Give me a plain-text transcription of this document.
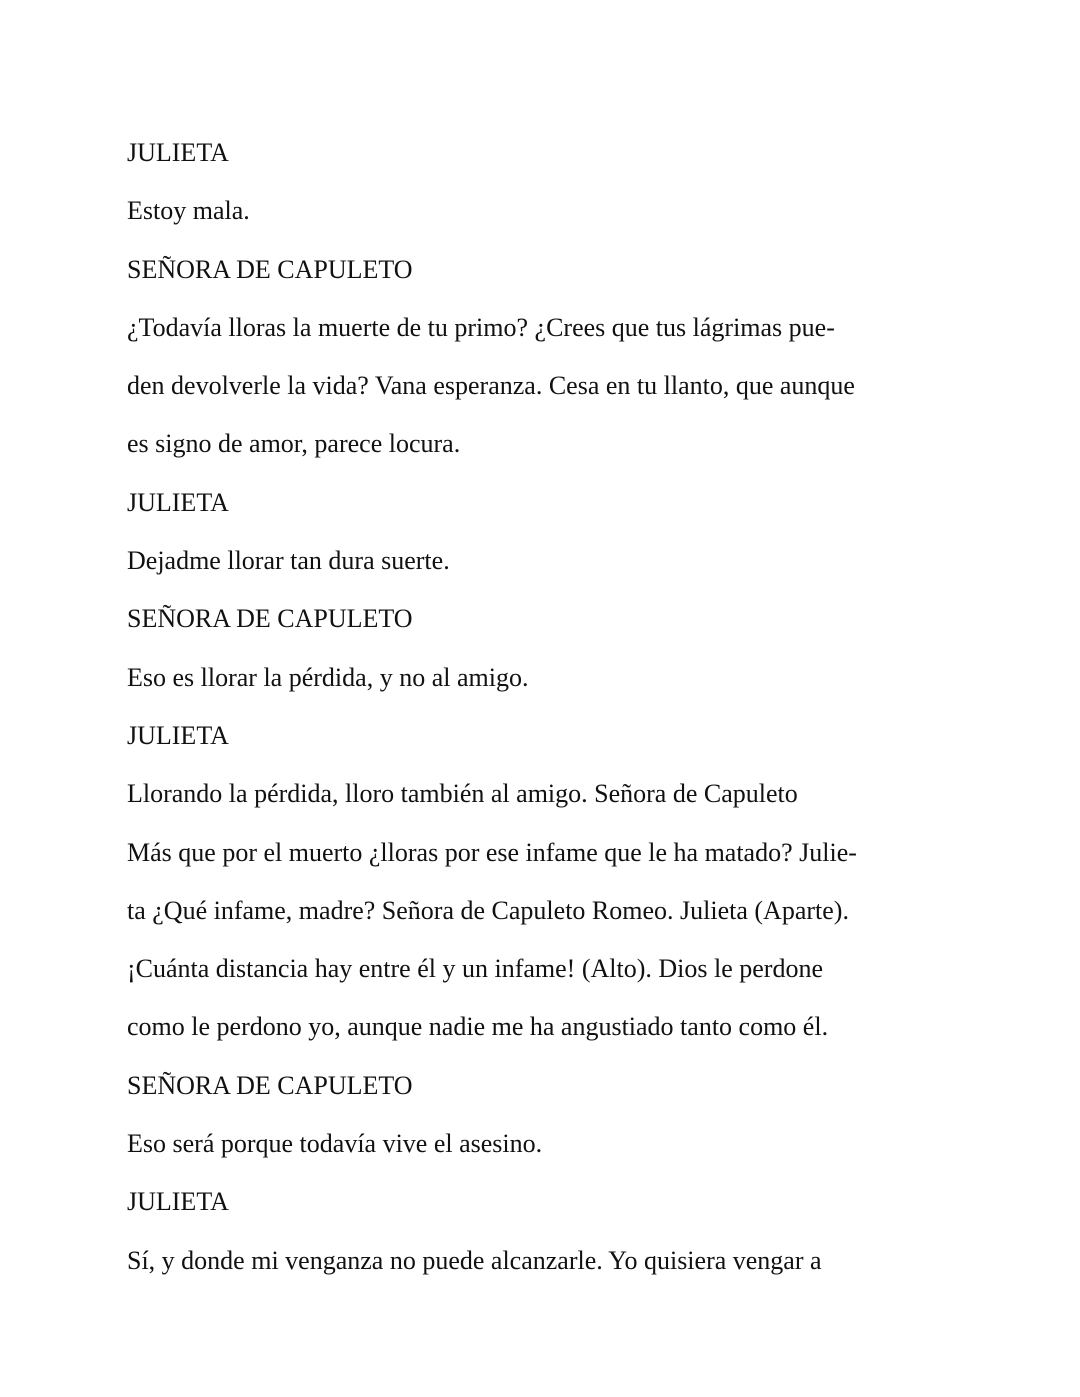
JULIETA
Estoy mala.
SEÑORA DE CAPULETO
¿Todavía lloras la muerte de tu primo? ¿Crees que tus lágrimas pue-
den devolverle la vida? Vana esperanza. Cesa en tu llanto, que aunque
es signo de amor, parece locura.
JULIETA
Dejadme llorar tan dura suerte.
SEÑORA DE CAPULETO
Eso es llorar la pérdida, y no al amigo.
JULIETA
Llorando la pérdida, lloro también al amigo. Señora de Capuleto
Más que por el muerto ¿lloras por ese infame que le ha matado? Julie-
ta ¿Qué infame, madre? Señora de Capuleto Romeo. Julieta (Aparte).
¡Cuánta distancia hay entre él y un infame! (Alto). Dios le perdone
como le perdono yo, aunque nadie me ha angustiado tanto como él.
SEÑORA DE CAPULETO
Eso será porque todavía vive el asesino.
JULIETA
Sí, y donde mi venganza no puede alcanzarle. Yo quisiera vengar a
